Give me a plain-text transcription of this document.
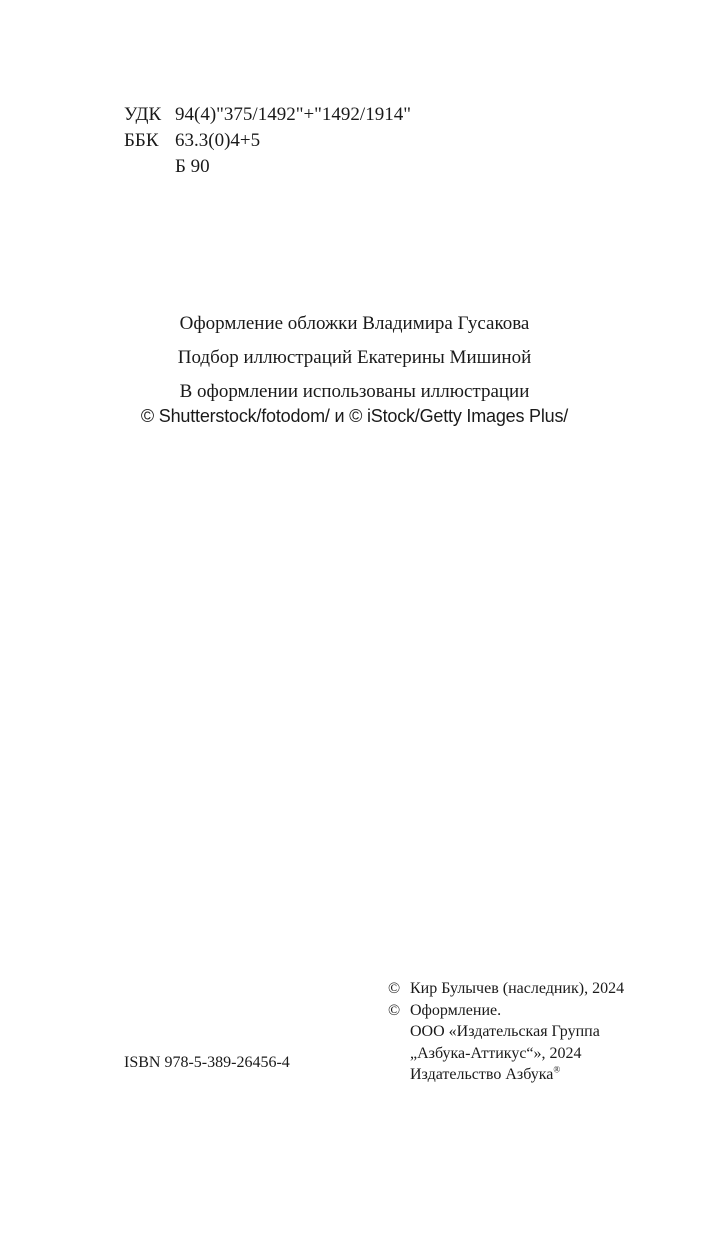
УДК 94(4)"375/1492"+"1492/1914"
ББК 63.3(0)4+5
Б 90

Оформление обложки Владимира Гусакова

Подбор иллюстраций Екатерины Мишиной

В оформлении использованы иллюстрации

© Shutterstock/fotodom/ и © iStock/Getty Images Plus/

© Кир Булычев (наследник), 2024
© Оформление.
ООО «Издательская Группа
„Азбука-Аттикус“», 2024
Издательство Азбука®
ISBN 978-5-389-26456-4
